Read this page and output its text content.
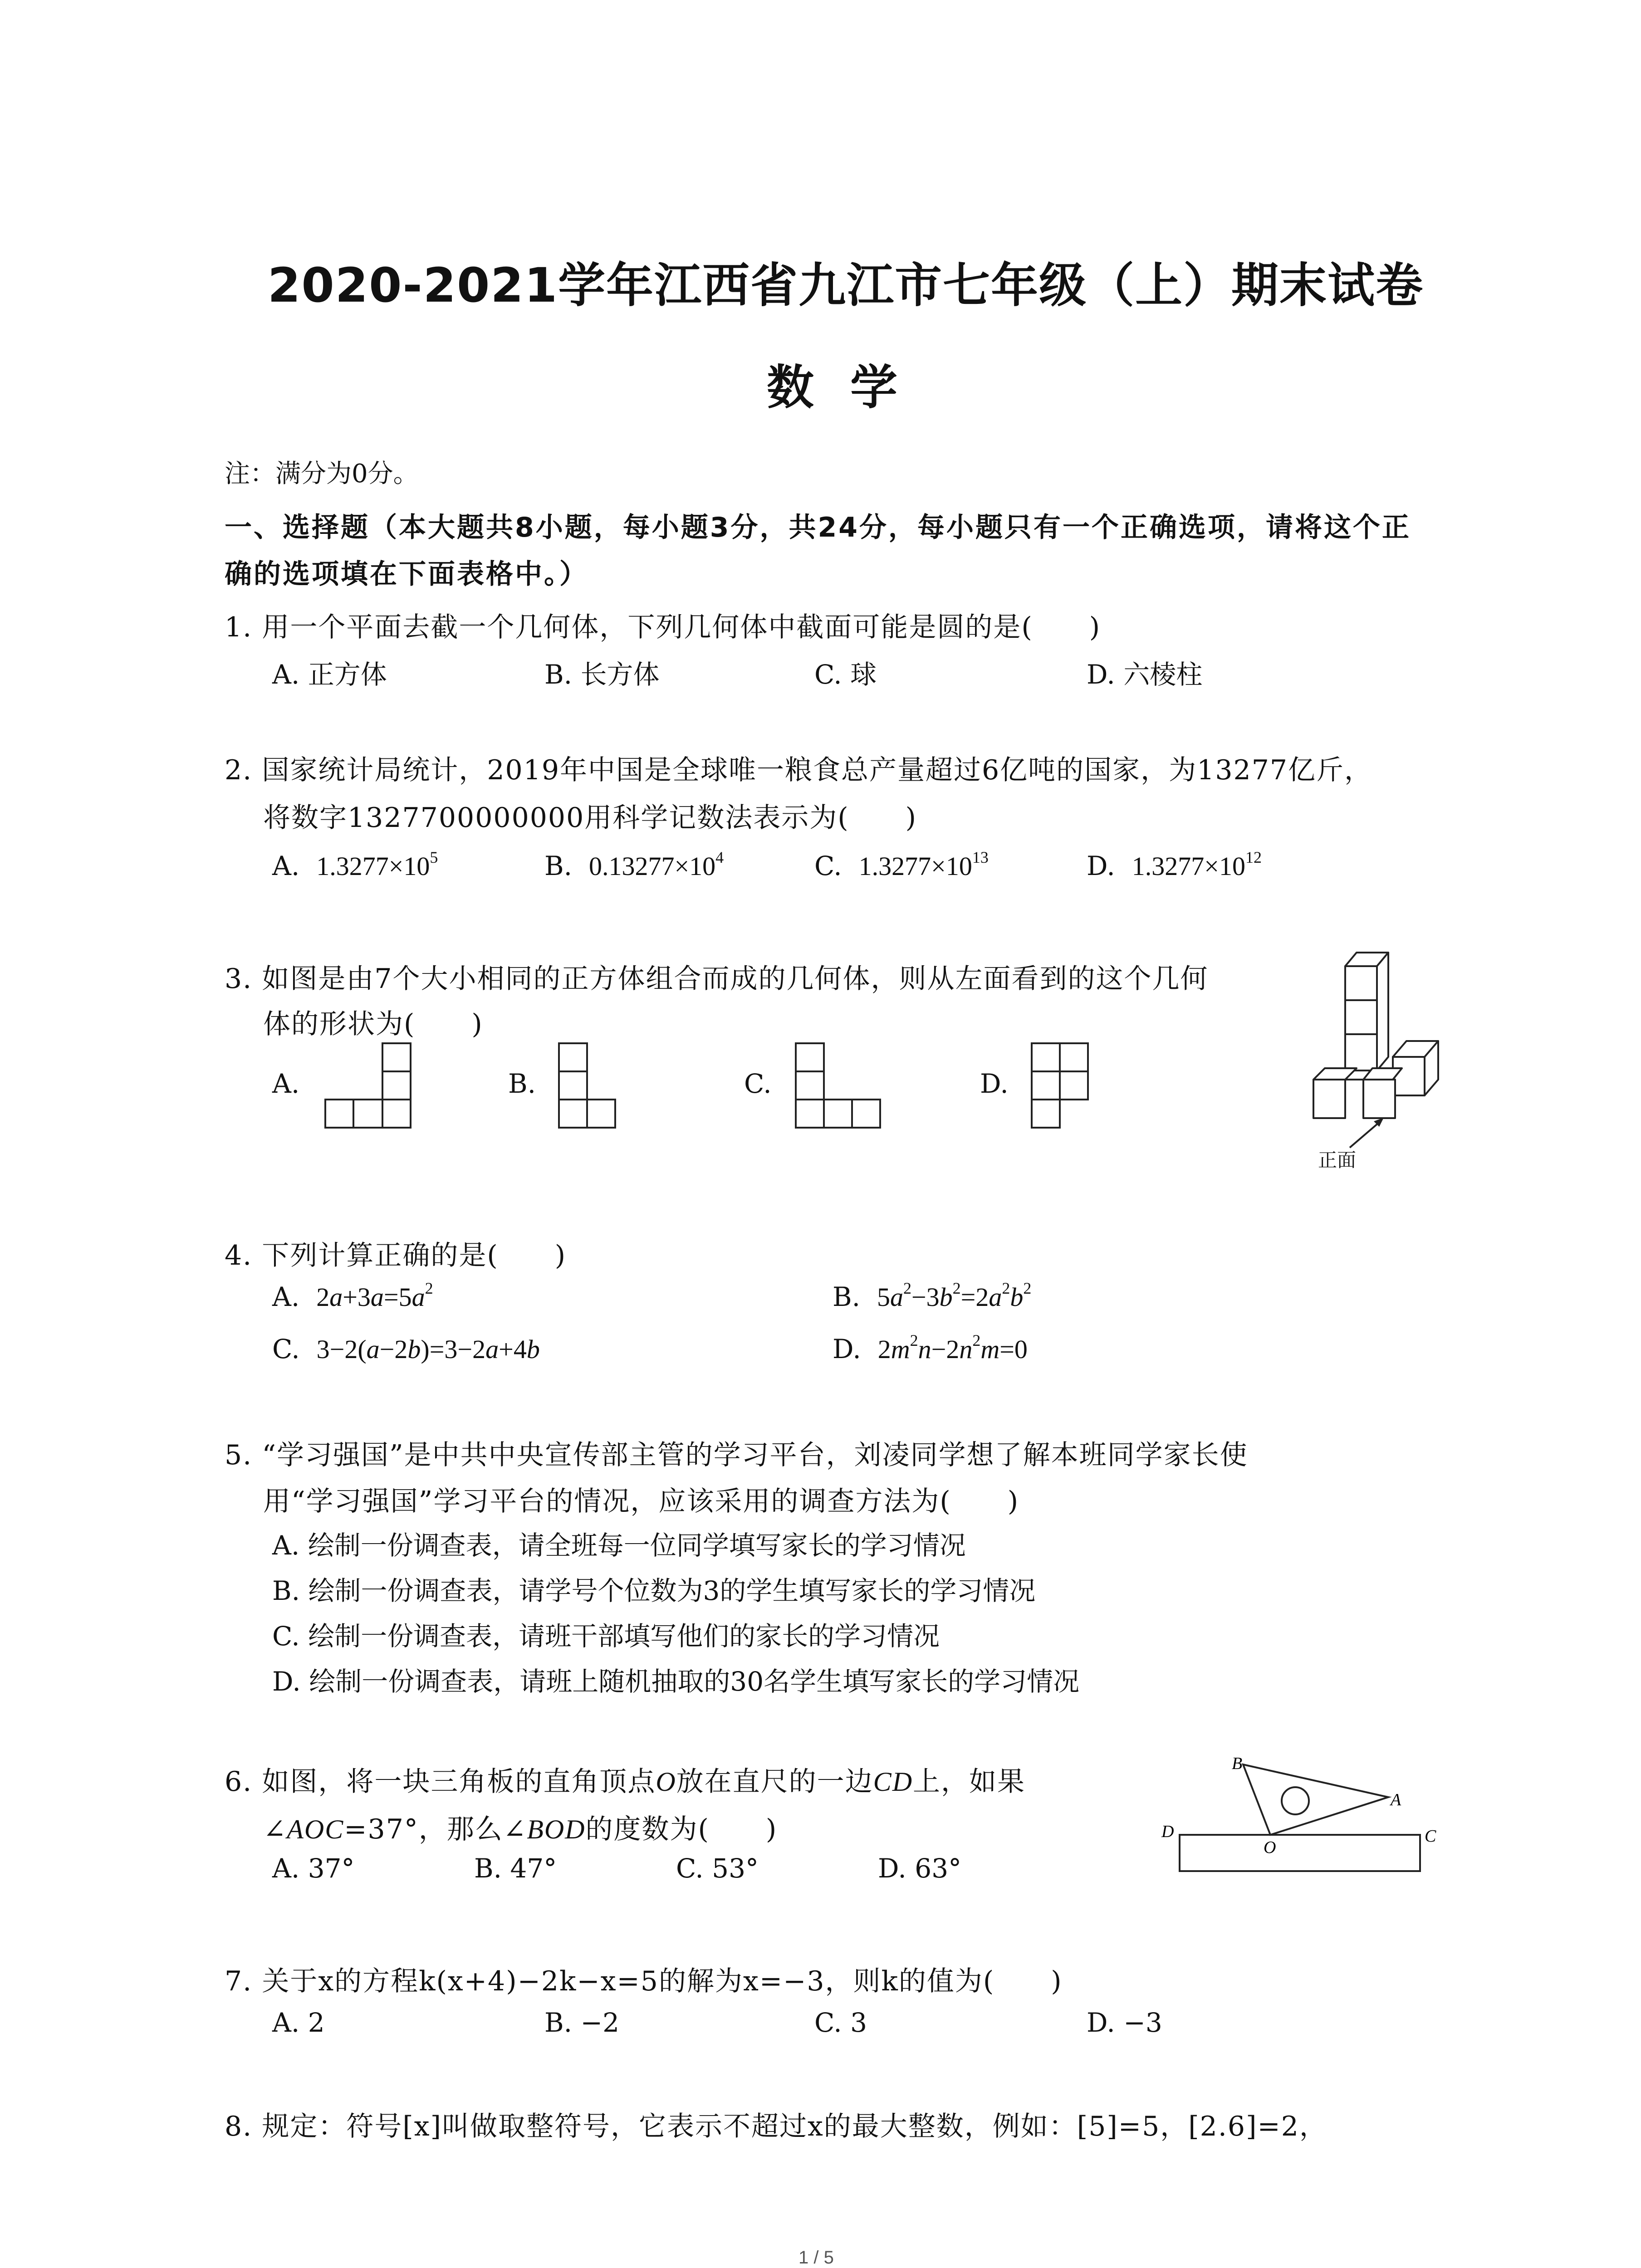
2020-2021学年江西省九江市七年级（上）期末试卷
数学
注：满分为0分。
一、选择题（本大题共8小题，每小题3分，共24分，每小题只有一个正确选项，请将这个正
确的选项填在下面表格中。）
1. 用一个平面去截一个几何体，下列几何体中截面可能是圆的是(　　)
A. 正方体	B. 长方体	C. 球	D. 六棱柱
2. 国家统计局统计，2019年中国是全球唯一粮食总产量超过6亿吨的国家，为13277亿斤，
将数字1327700000000用科学记数法表示为(　　)
A. $1.3277\times 10^5$	B. $0.13277\times 10^4$	C. $1.3277\times 10^{13}$	D. $1.3277\times 10^{12}$
3. 如图是由7个大小相同的正方体组合而成的几何体，则从左面看到的这个几何
体的形状为(　　)
A.	B.	C.	D.
正面
4. 下列计算正确的是(　　)
A. $2a+3a=5a^2$	B. $5a^2-3b^2=2a^2b^2$
C. 3−2(a−2b)=3−2a+4b	D. $2m^2n-2n^2m=0$
5. “学习强国”是中共中央宣传部主管的学习平台，刘凌同学想了解本班同学家长使
用“学习强国”学习平台的情况，应该采用的调查方法为(　　)
A. 绘制一份调查表，请全班每一位同学填写家长的学习情况
B. 绘制一份调查表，请学号个位数为3的学生填写家长的学习情况
C. 绘制一份调查表，请班干部填写他们的家长的学习情况
D. 绘制一份调查表，请班上随机抽取的30名学生填写家长的学习情况
6. 如图，将一块三角板的直角顶点O放在直尺的一边CD上，如果
∠AOC=37°，那么∠BOD的度数为(　　)
A. 37°	B. 47°	C. 53°	D. 63°
B
A
D	C
O
7. 关于x的方程k(x+4)−2k−x=5的解为x=−3，则k的值为(　　)
A. 2	B. −2	C. 3	D. −3
8. 规定：符号[x]叫做取整符号，它表示不超过x的最大整数，例如：[5]=5，[2.6]=2，
1 / 5
